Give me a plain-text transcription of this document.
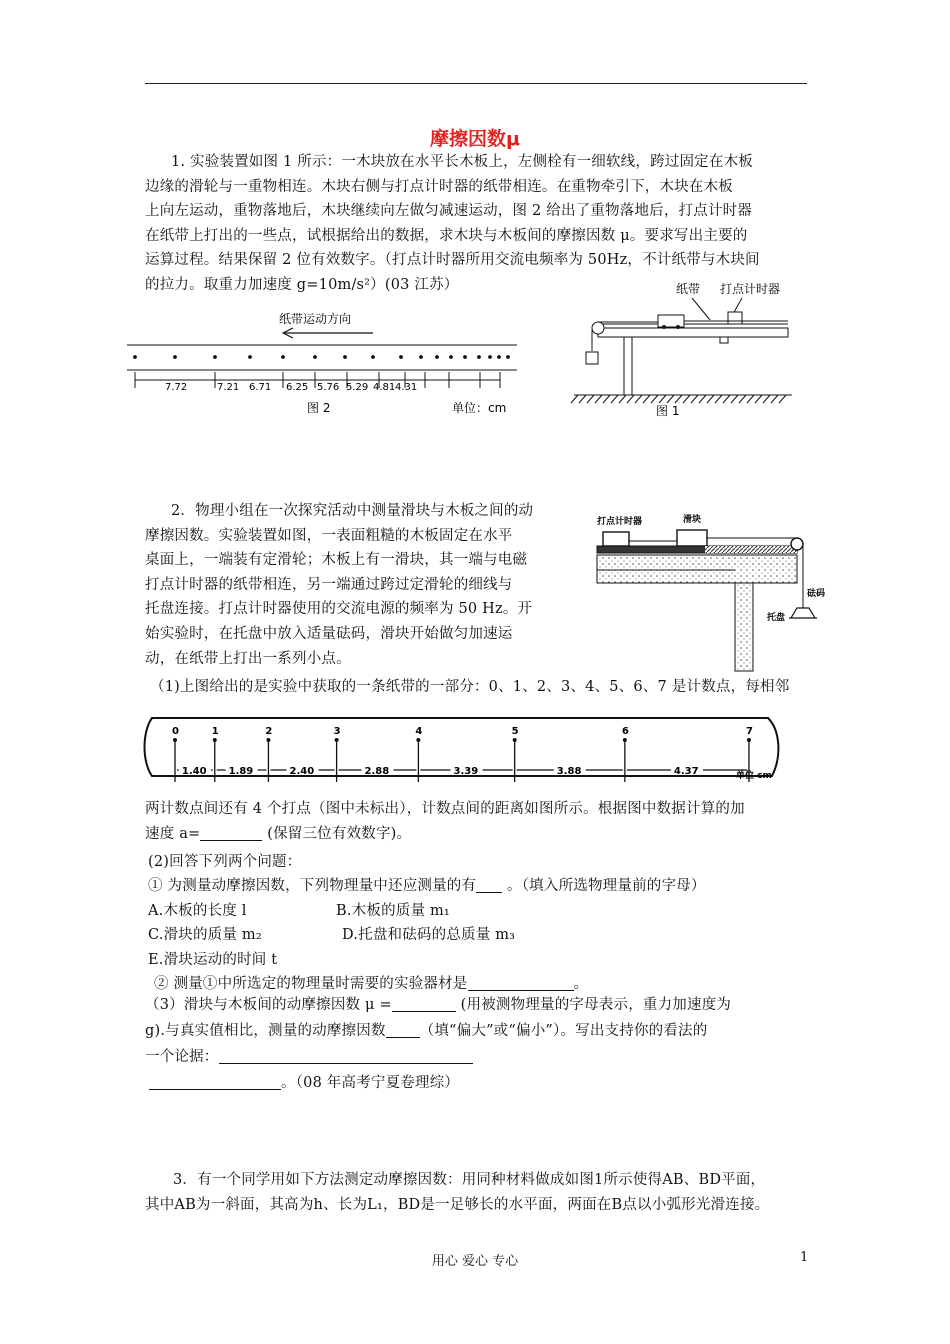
摩擦因数μ
1. 实验装置如图 1 所示：一木块放在水平长木板上，左侧栓有一细软线，跨过固定在木板
边缘的滑轮与一重物相连。木块右侧与打点计时器的纸带相连。在重物牵引下，木块在木板
上向左运动，重物落地后，木块继续向左做匀减速运动，图 2 给出了重物落地后，打点计时器
在纸带上打出的一些点，试根据给出的数据，求木块与木板间的摩擦因数 μ。要求写出主要的
运算过程。结果保留 2 位有效数字。（打点计时器所用交流电频率为 50Hz，不计纸带与木块间
的拉力。取重力加速度 g=10m/s²）(03 江苏）
纸带运动方向
7.72	7.21 6.71 6.25 5.76 5.29 4.81 4.31
图 2	单位：cm
纸带 打点计时器
图 1
2．物理小组在一次探究活动中测量滑块与木板之间的动
摩擦因数。实验装置如图，一表面粗糙的木板固定在水平
桌面上，一端装有定滑轮；木板上有一滑块，其一端与电磁
打点计时器的纸带相连，另一端通过跨过定滑轮的细线与
托盘连接。打点计时器使用的交流电源的频率为 50 Hz。开
始实验时，在托盘中放入适量砝码，滑块开始做匀加速运
动，在纸带上打出一系列小点。
打点计时器	滑块
砝码
托盘
（1)上图给出的是实验中获取的一条纸带的一部分：0、1、2、3、4、5、6、7 是计数点，每相邻
0	1	2	3	4	5	6	7
1.40 1.89	2.40	2.88	3.39	3.88	4.37	单位 cm
两计数点间还有 4 个打点（图中未标出），计数点间的距离如图所示。根据图中数据计算的加
速度 a=	(保留三位有效数字)。
(2)回答下列两个问题：
① 为测量动摩擦因数，下列物理量中还应测量的有 。（填入所选物理量前的字母）
A.木板的长度 l	B.木板的质量 m₁
C.滑块的质量 m₂	D.托盘和砝码的总质量 m₃
E.滑块运动的时间 t
② 测量①中所选定的物理量时需要的实验器材是	。
（3）滑块与木板间的动摩擦因数 μ =	(用被测物理量的字母表示，重力加速度为
g).与真实值相比，测量的动摩擦因数 （填“偏大”或“偏小”）。写出支持你的看法的
一个论据：
。（08 年高考宁夏卷理综）
3．有一个同学用如下方法测定动摩擦因数：用同种材料做成如图1所示使得AB、BD平面，
其中AB为一斜面，其高为h、长为L₁，BD是一足够长的水平面，两面在B点以小弧形光滑连接。
用心 爱心 专心	1
